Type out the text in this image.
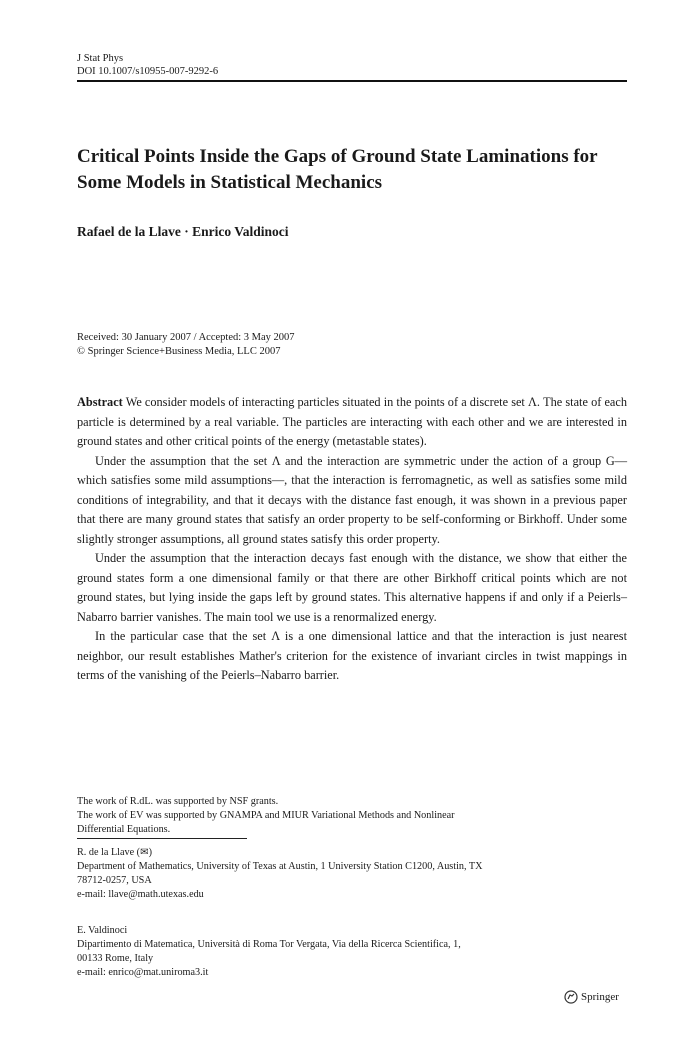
J Stat Phys
DOI 10.1007/s10955-007-9292-6
Critical Points Inside the Gaps of Ground State Laminations for Some Models in Statistical Mechanics
Rafael de la Llave · Enrico Valdinoci
Received: 30 January 2007 / Accepted: 3 May 2007
© Springer Science+Business Media, LLC 2007

Abstract We consider models of interacting particles situated in the points of a discrete set Λ. The state of each particle is determined by a real variable. The particles are interacting with each other and we are interested in ground states and other critical points of the energy (metastable states).

Under the assumption that the set Λ and the interaction are symmetric under the action of a group G—which satisfies some mild assumptions—, that the interaction is ferromagnetic, as well as satisfies some mild conditions of integrability, and that it decays with the distance fast enough, it was shown in a previous paper that there are many ground states that satisfy an order property to be self-conforming or Birkhoff. Under some slightly stronger assumptions, all ground states satisfy this order property.

Under the assumption that the interaction decays fast enough with the distance, we show that either the ground states form a one dimensional family or that there are other Birkhoff critical points which are not ground states, but lying inside the gaps left by ground states. This alternative happens if and only if a Peierls–Nabarro barrier vanishes. The main tool we use is a renormalized energy.

In the particular case that the set Λ is a one dimensional lattice and that the interaction is just nearest neighbor, our result establishes Mather's criterion for the existence of invariant circles in twist mappings in terms of the vanishing of the Peierls–Nabarro barrier.

The work of R.dL. was supported by NSF grants.
The work of EV was supported by GNAMPA and MIUR Variational Methods and Nonlinear
Differential Equations.
R. de la Llave (✉)
Department of Mathematics, University of Texas at Austin, 1 University Station C1200, Austin, TX
78712-0257, USA
e-mail: llave@math.utexas.edu
E. Valdinoci
Dipartimento di Matematica, Università di Roma Tor Vergata, Via della Ricerca Scientifica, 1,
00133 Rome, Italy
e-mail: enrico@mat.uniroma3.it
Springer
